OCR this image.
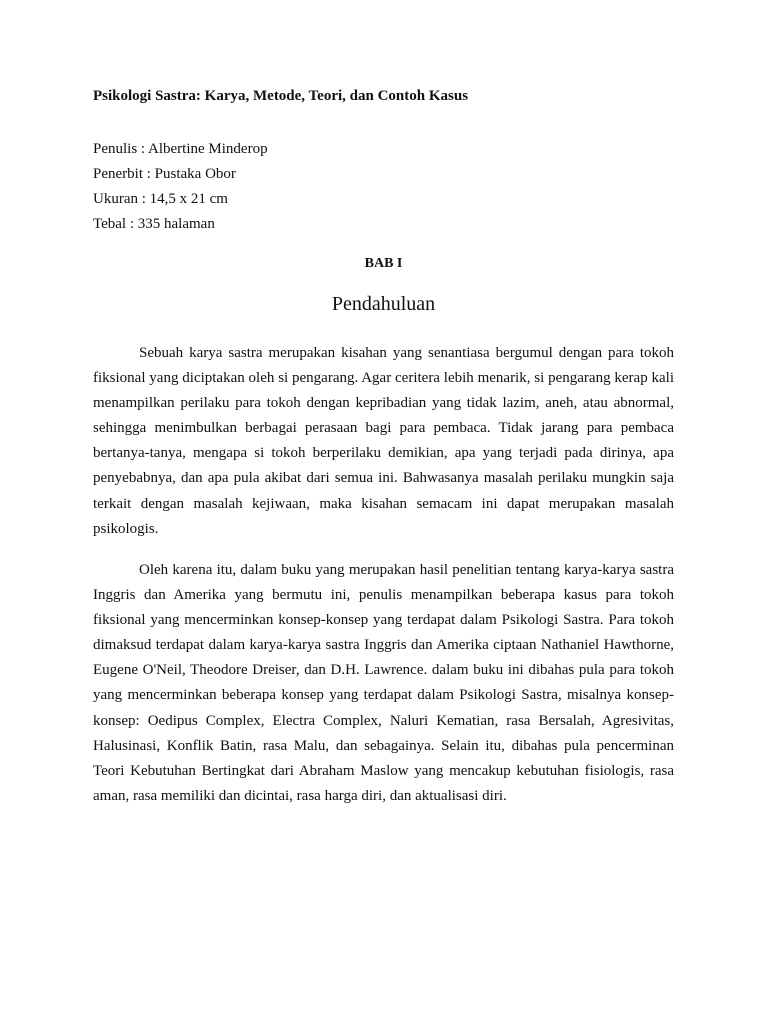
Psikologi Sastra: Karya, Metode, Teori, dan Contoh Kasus
Penulis : Albertine Minderop
Penerbit : Pustaka Obor
Ukuran : 14,5 x 21 cm
Tebal : 335 halaman
BAB I
Pendahuluan

Sebuah karya sastra merupakan kisahan yang senantiasa bergumul dengan para tokoh fiksional yang diciptakan oleh si pengarang. Agar ceritera lebih menarik, si pengarang kerap kali menampilkan perilaku para tokoh dengan kepribadian yang tidak lazim, aneh, atau abnormal, sehingga menimbulkan berbagai perasaan bagi para pembaca. Tidak jarang para pembaca bertanya-tanya, mengapa si tokoh berperilaku demikian, apa yang terjadi pada dirinya, apa penyebabnya, dan apa pula akibat dari semua ini. Bahwasanya masalah perilaku mungkin saja terkait dengan masalah kejiwaan, maka kisahan semacam ini dapat merupakan masalah psikologis.

Oleh karena itu, dalam buku yang merupakan hasil penelitian tentang karya-karya sastra Inggris dan Amerika yang bermutu ini, penulis menampilkan beberapa kasus para tokoh fiksional yang mencerminkan konsep-konsep yang terdapat dalam Psikologi Sastra. Para tokoh dimaksud terdapat dalam karya-karya sastra Inggris dan Amerika ciptaan Nathaniel Hawthorne, Eugene O'Neil, Theodore Dreiser, dan D.H. Lawrence. dalam buku ini dibahas pula para tokoh yang mencerminkan beberapa konsep yang terdapat dalam Psikologi Sastra, misalnya konsep-konsep: Oedipus Complex, Electra Complex, Naluri Kematian, rasa Bersalah, Agresivitas, Halusinasi, Konflik Batin, rasa Malu, dan sebagainya. Selain itu, dibahas pula pencerminan Teori Kebutuhan Bertingkat dari Abraham Maslow yang mencakup kebutuhan fisiologis, rasa aman, rasa memiliki dan dicintai, rasa harga diri, dan aktualisasi diri.
